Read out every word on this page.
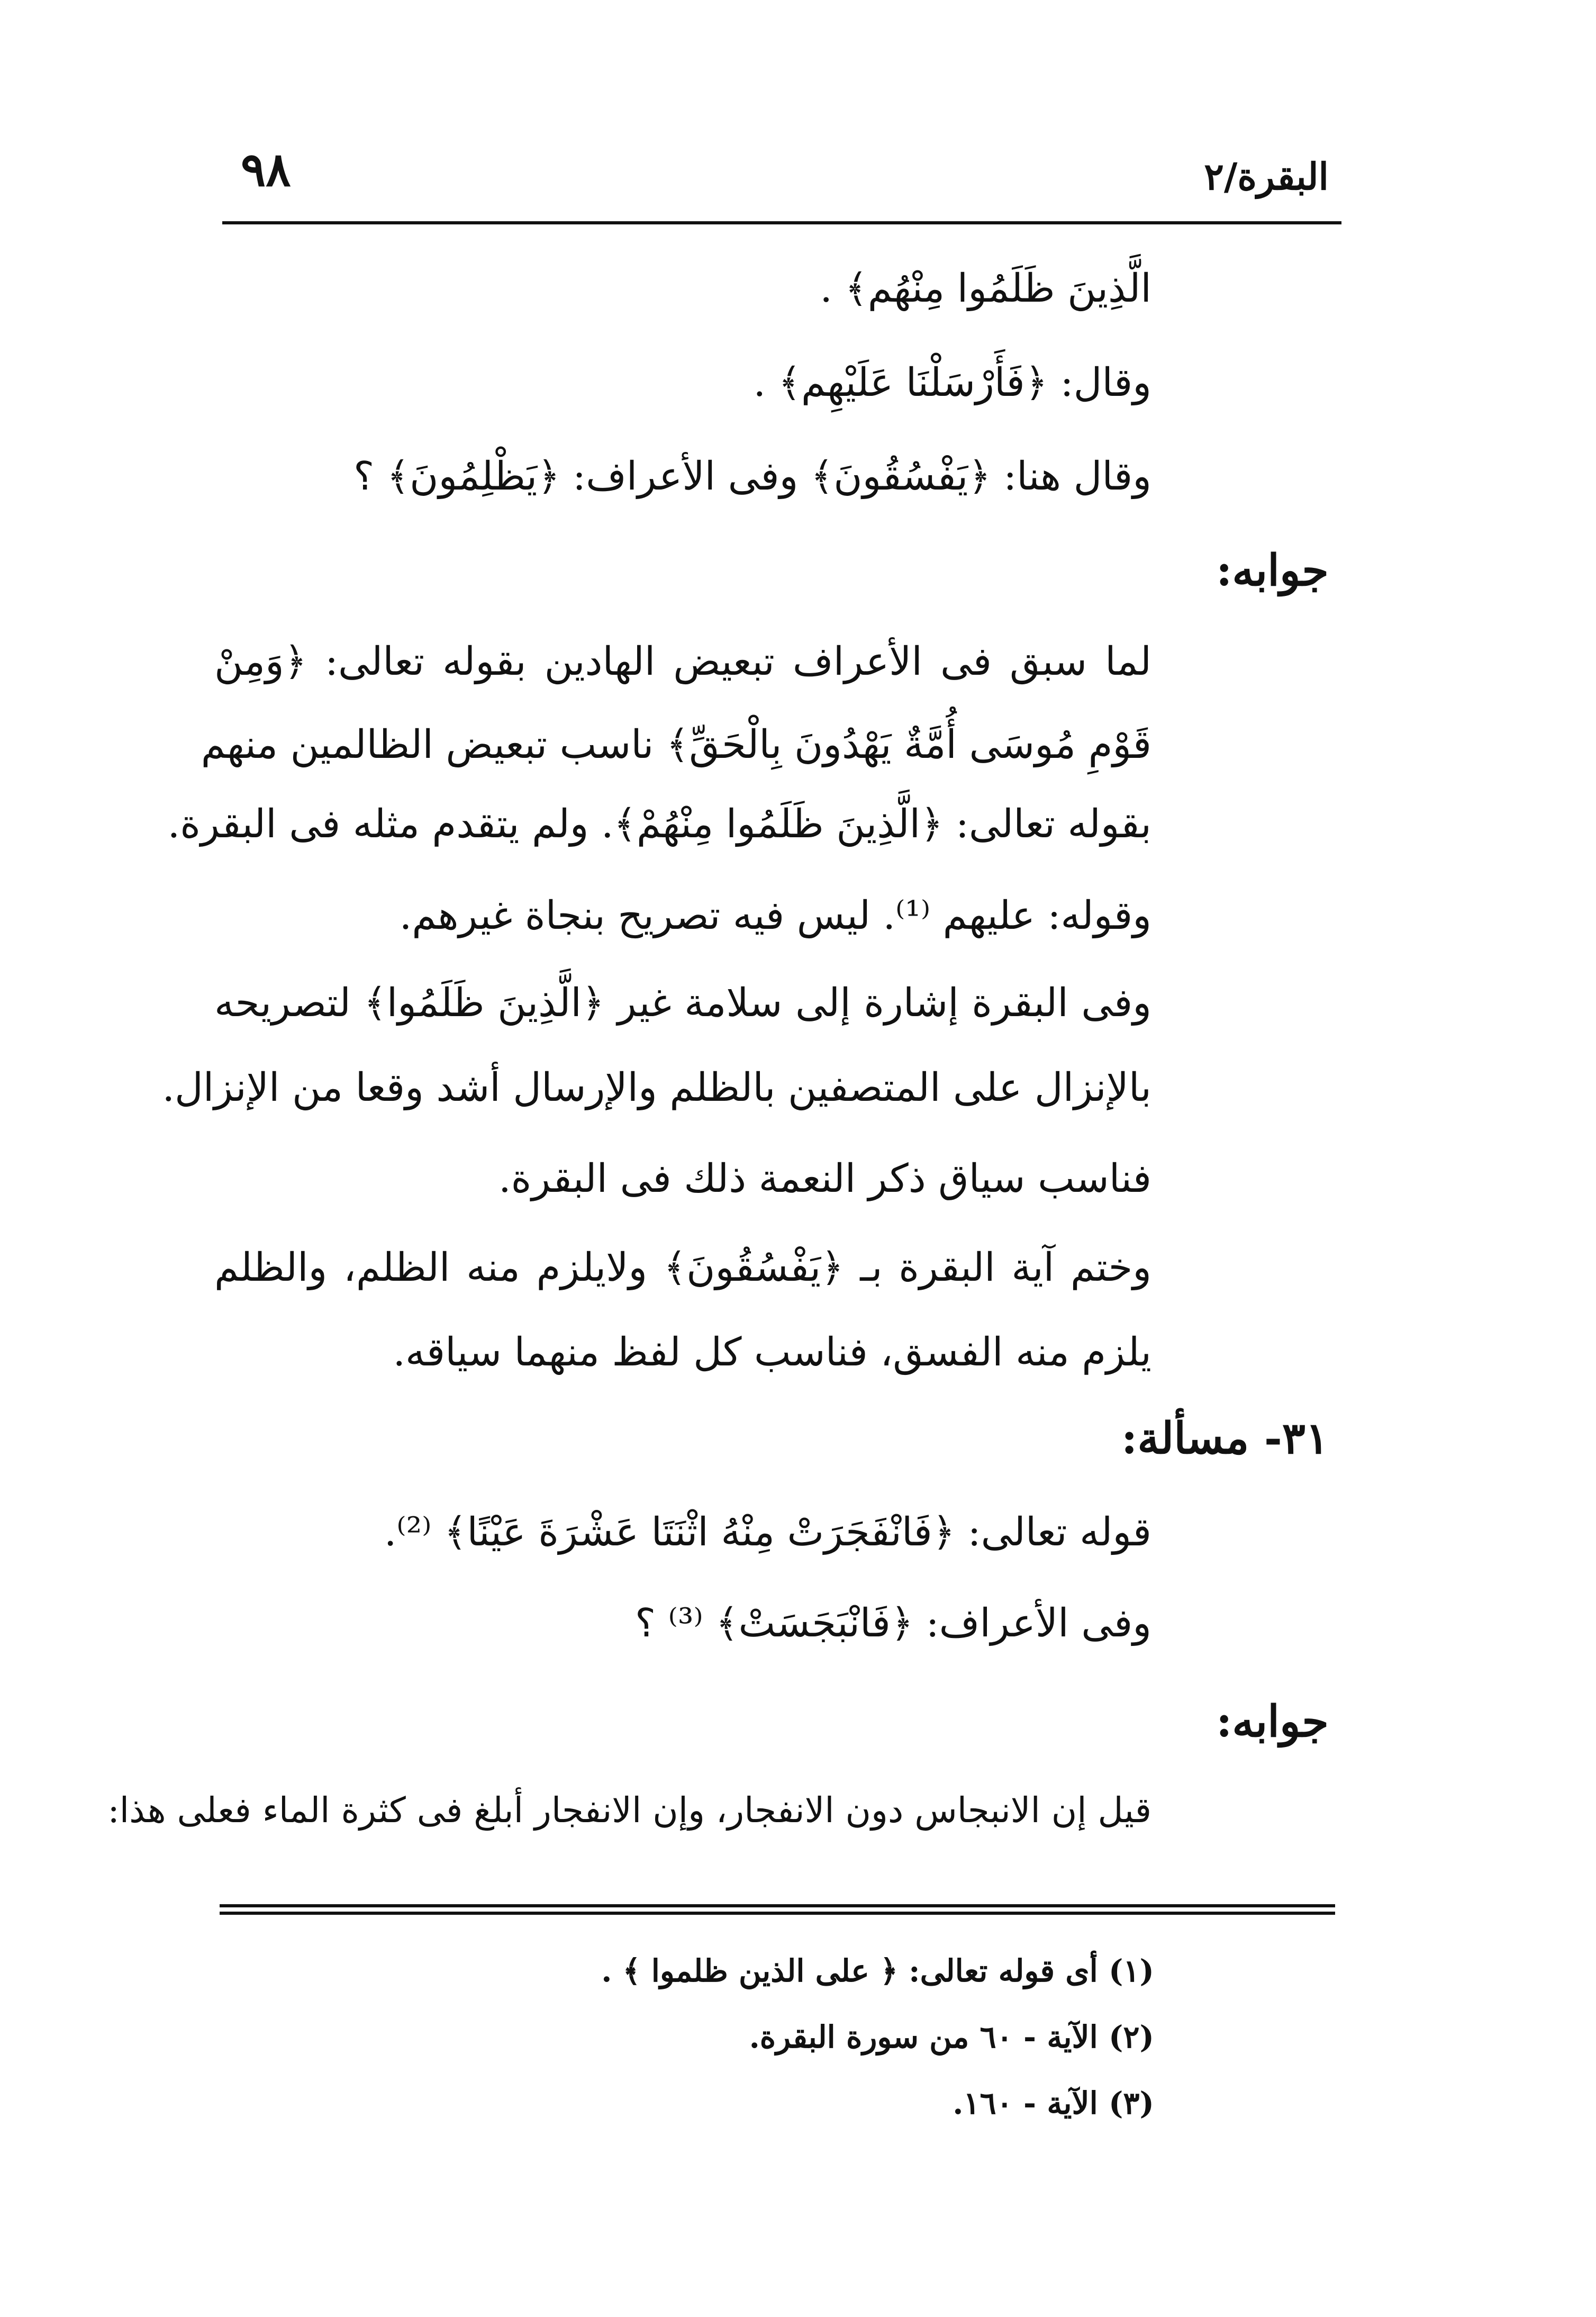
البقرة/٢
٩٨
الَّذِينَ ظَلَمُوا مِنْهُم﴾ .
وقال: ﴿فَأَرْسَلْنَا عَلَيْهِم﴾ .
وقال هنا: ﴿يَفْسُقُونَ﴾ وفى الأعراف: ﴿يَظْلِمُونَ﴾ ؟
جوابه:
لما سبق فى الأعراف تبعيض الهادين بقوله تعالى: ﴿وَمِنْ
قَوْمِ مُوسَى أُمَّةٌ يَهْدُونَ بِالْحَقِّ﴾ ناسب تبعيض الظالمين منهم
بقوله تعالى: ﴿الَّذِينَ ظَلَمُوا مِنْهُمْ﴾. ولم يتقدم مثله فى البقرة.
وقوله: عليهم ⁽¹⁾. ليس فيه تصريح بنجاة غيرهم.
وفى البقرة إشارة إلى سلامة غير ﴿الَّذِينَ ظَلَمُوا﴾ لتصريحه
بالإنزال على المتصفين بالظلم والإرسال أشد وقعا من الإنزال.
فناسب سياق ذكر النعمة ذلك فى البقرة.
وختم آية البقرة بـ ﴿يَفْسُقُونَ﴾ ولايلزم منه الظلم، والظلم
يلزم منه الفسق، فناسب كل لفظ منهما سياقه.
٣١- مسألة:
قوله تعالى: ﴿فَانْفَجَرَتْ مِنْهُ اثْنَتَا عَشْرَةَ عَيْنًا﴾ ⁽²⁾.
وفى الأعراف: ﴿فَانْبَجَسَتْ﴾ ⁽³⁾ ؟
جوابه:
قيل إن الانبجاس دون الانفجار، وإن الانفجار أبلغ فى كثرة الماء فعلى هذا:
(١) أى قوله تعالى: ﴿ على الذين ظلموا ﴾ .
(٢) الآية - ٦٠ من سورة البقرة.
(٣) الآية - ١٦٠.
